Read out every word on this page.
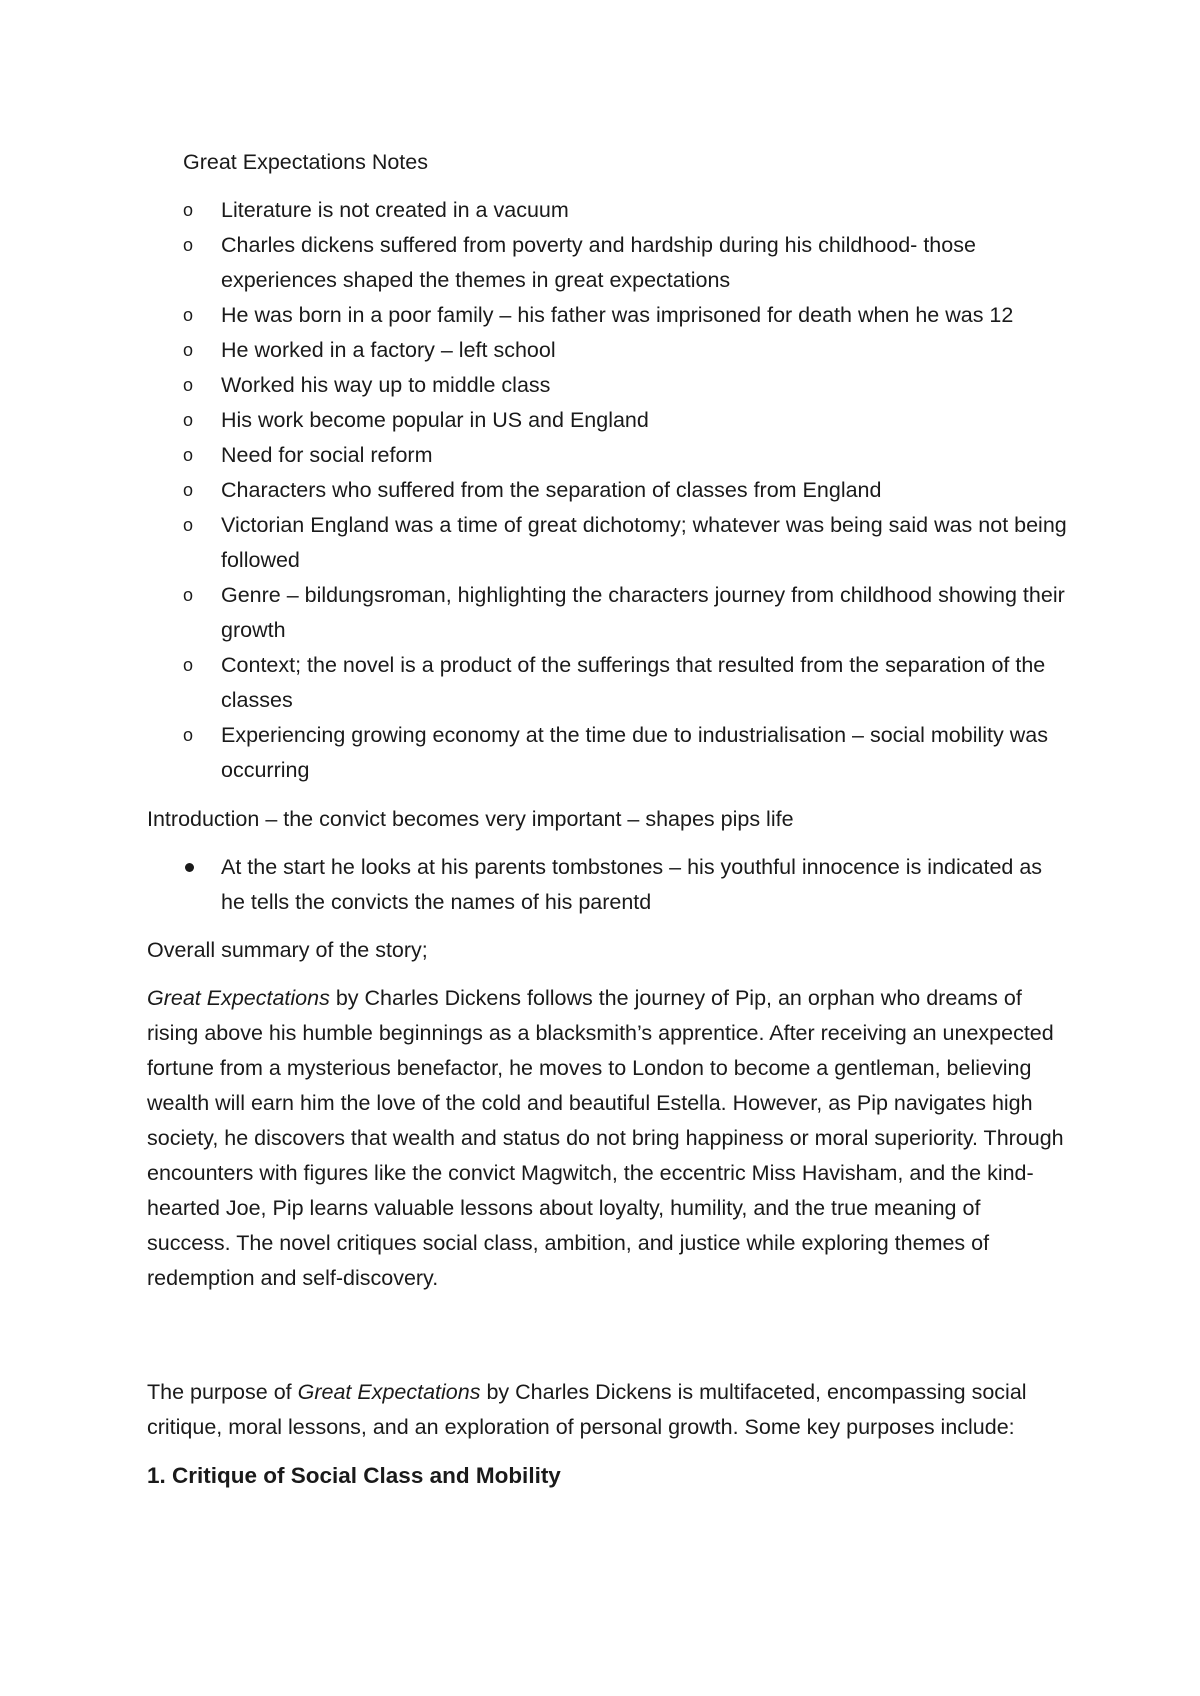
Great Expectations Notes
o Literature is not created in a vacuum
o Charles dickens suffered from poverty and hardship during his childhood- those experiences shaped the themes in great expectations
o He was born in a poor family – his father was imprisoned for death when he was 12
o He worked in a factory – left school
o Worked his way up to middle class
o His work become popular in US and England
o Need for social reform
o Characters who suffered from the separation of classes from England
o Victorian England was a time of great dichotomy; whatever was being said was not being followed
o Genre – bildungsroman, highlighting the characters journey from childhood showing their growth
o Context; the novel is a product of the sufferings that resulted from the separation of the classes
o Experiencing growing economy at the time due to industrialisation – social mobility was occurring

Introduction – the convict becomes very important – shapes pips life

At the start he looks at his parents tombstones – his youthful innocence is indicated as he tells the convicts the names of his parentd

Overall summary of the story;

Great Expectations by Charles Dickens follows the journey of Pip, an orphan who dreams of rising above his humble beginnings as a blacksmith’s apprentice. After receiving an unexpected fortune from a mysterious benefactor, he moves to London to become a gentleman, believing wealth will earn him the love of the cold and beautiful Estella. However, as Pip navigates high society, he discovers that wealth and status do not bring happiness or moral superiority. Through encounters with figures like the convict Magwitch, the eccentric Miss Havisham, and the kind-hearted Joe, Pip learns valuable lessons about loyalty, humility, and the true meaning of success. The novel critiques social class, ambition, and justice while exploring themes of redemption and self-discovery.

The purpose of Great Expectations by Charles Dickens is multifaceted, encompassing social critique, moral lessons, and an exploration of personal growth. Some key purposes include:

1. Critique of Social Class and Mobility
